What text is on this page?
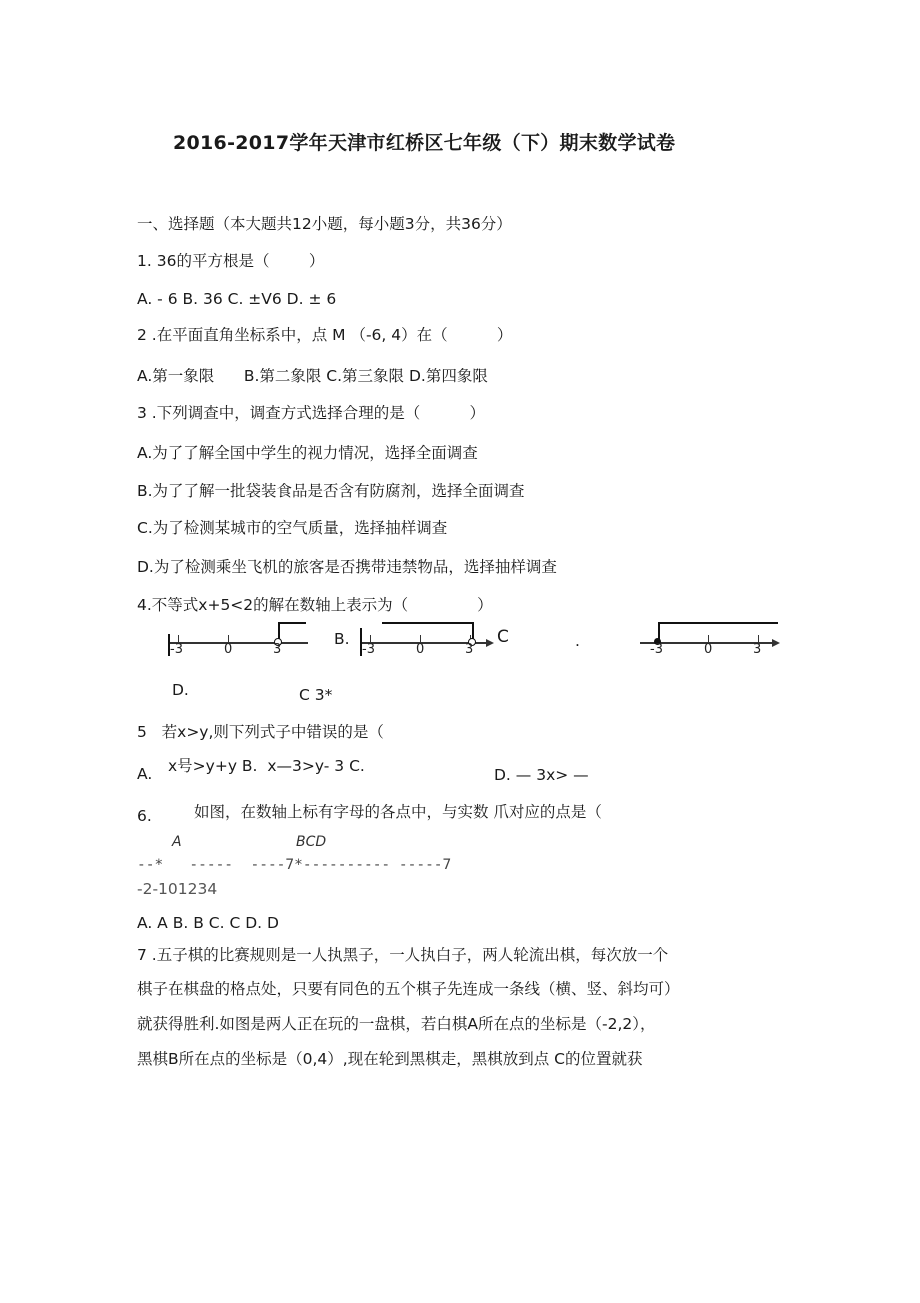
2016-2017学年天津市红桥区七年级（下）期末数学试卷
一、选择题（本大题共12小题，每小题3分，共36分）
1. 36的平方根是（        ）
A. - 6 B. 36 C. ±V6 D. ± 6
2 .在平面直角坐标系中，点 M （-6, 4）在（          ）
A.第一象限      B.第二象限 C.第三象限 D.第四象限
3 .下列调查中，调查方式选择合理的是（          ）
A.为了了解全国中学生的视力情况，选择全面调查
B.为了了解一批袋装食品是否含有防腐剂，选择全面调查
C.为了检测某城市的空气质量，选择抽样调查
D.为了检测乘坐飞机的旅客是否携带违禁物品，选择抽样调查
4.不等式x+5<2的解在数轴上表示为（              ）
-3	0	3
B.
-3	0	3
C	.	-3	0	3
D.	C 3*
5   若x>y,则下列式子中错误的是（
A. x号>y+y B.  x—3>y- 3 C.	D. — 3x> —
6.	如图，在数轴上标有字母的各点中，与实数 爪对应的点是（
A	BCD
--*   -----  ----7*---------- -----7
-2-101234
A. A B. B C. C D. D
7 .五子棋的比赛规则是一人执黑子，一人执白子，两人轮流出棋，每次放一个
棋子在棋盘的格点处，只要有同色的五个棋子先连成一条线（横、竖、斜均可）
就获得胜利.如图是两人正在玩的一盘棋，若白棋A所在点的坐标是（-2,2），
黑棋B所在点的坐标是（0,4）,现在轮到黑棋走，黑棋放到点 C的位置就获
